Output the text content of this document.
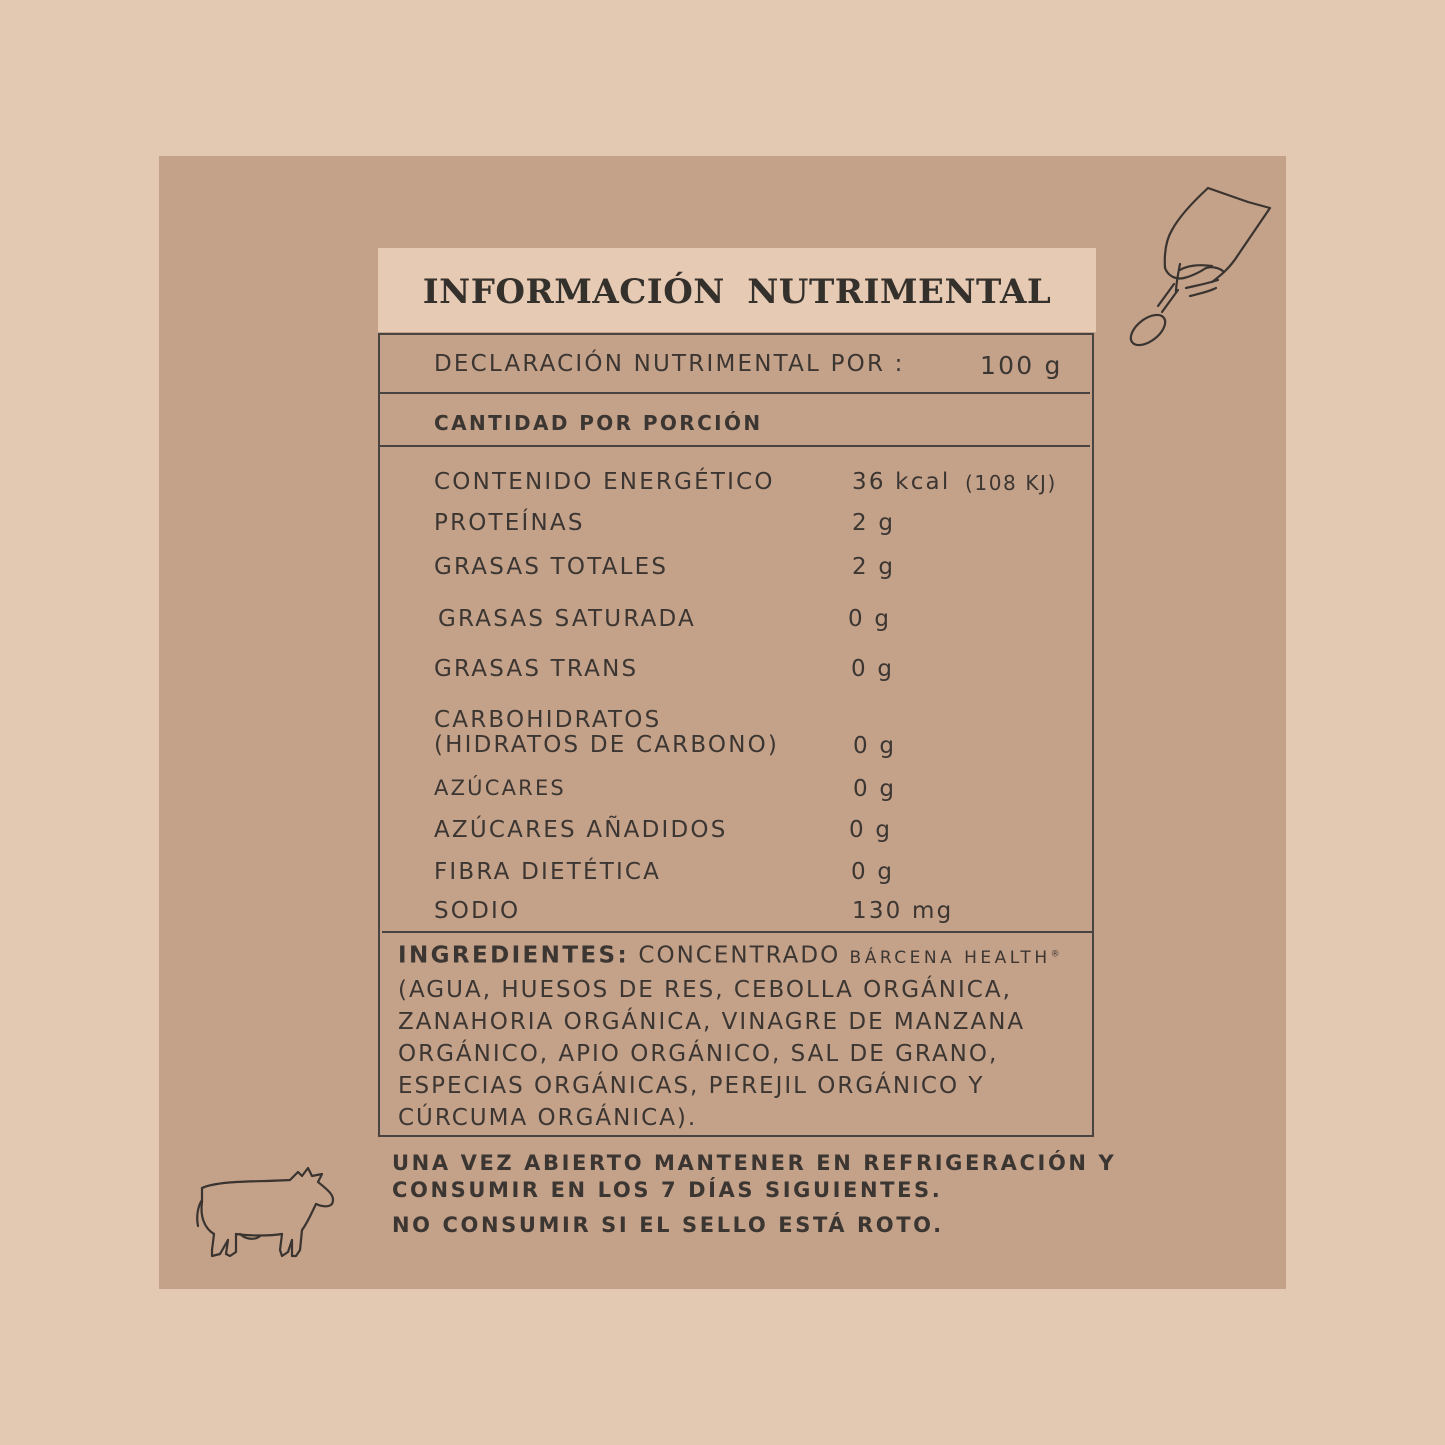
INFORMACIÓN NUTRIMENTAL
DECLARACIÓN NUTRIMENTAL POR :	100 g
CANTIDAD POR PORCIÓN
CONTENIDO ENERGÉTICO	36 kcal (108 KJ)
PROTEÍNAS	2 g
GRASAS TOTALES	2 g
GRASAS SATURADA	0 g
GRASAS TRANS	0 g
CARBOHIDRATOS
(HIDRATOS DE CARBONO)	0 g
AZÚCARES	0 g
AZÚCARES AÑADIDOS	0 g
FIBRA DIETÉTICA	0 g
SODIO	130 mg
INGREDIENTES: CONCENTRADO BÁRCENA HEALTH®
(AGUA, HUESOS DE RES, CEBOLLA ORGÁNICA,
ZANAHORIA ORGÁNICA, VINAGRE DE MANZANA
ORGÁNICO, APIO ORGÁNICO, SAL DE GRANO,
ESPECIAS ORGÁNICAS, PEREJIL ORGÁNICO Y
CÚRCUMA ORGÁNICA).
UNA VEZ ABIERTO MANTENER EN REFRIGERACIÓN Y
CONSUMIR EN LOS 7 DÍAS SIGUIENTES.
NO CONSUMIR SI EL SELLO ESTÁ ROTO.
